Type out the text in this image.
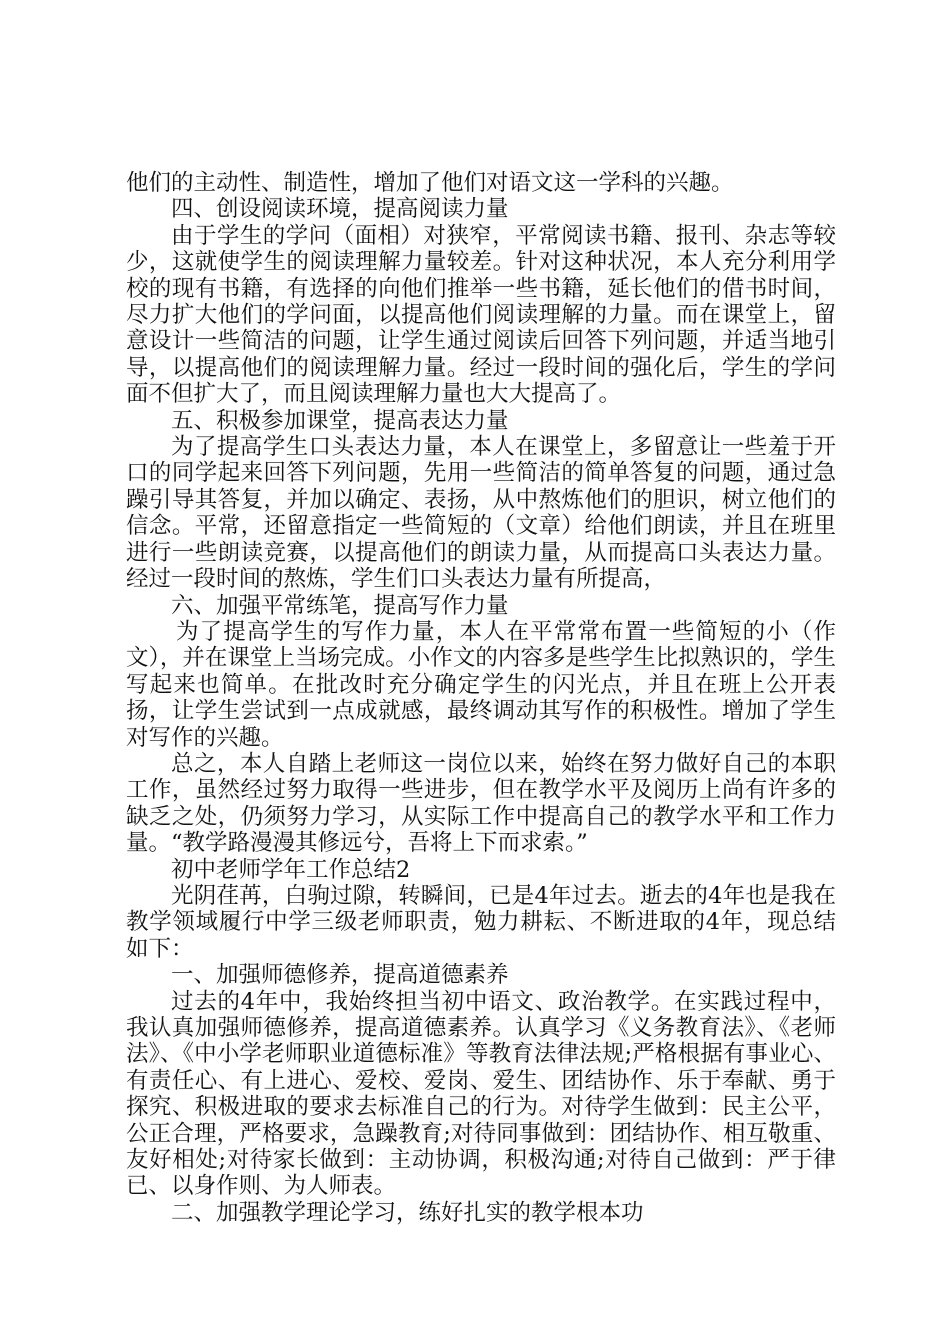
他们的主动性、制造性，增加了他们对语文这一学科的兴趣。

四、创设阅读环境，提高阅读力量

由于学生的学问（面相）对狭窄，平常阅读书籍、报刊、杂志等较少，这就使学生的阅读理解力量较差。针对这种状况，本人充分利用学校的现有书籍，有选择的向他们推举一些书籍，延长他们的借书时间，尽力扩大他们的学问面，以提高他们阅读理解的力量。而在课堂上，留意设计一些简洁的问题，让学生通过阅读后回答下列问题，并适当地引导，以提高他们的阅读理解力量。经过一段时间的强化后，学生的学问面不但扩大了，而且阅读理解力量也大大提高了。

五、积极参加课堂，提高表达力量

为了提高学生口头表达力量，本人在课堂上，多留意让一些羞于开口的同学起来回答下列问题，先用一些简洁的简单答复的问题，通过急躁引导其答复，并加以确定、表扬，从中熬炼他们的胆识，树立他们的信念。平常，还留意指定一些简短的（文章）给他们朗读，并且在班里进行一些朗读竞赛，以提高他们的朗读力量，从而提高口头表达力量。经过一段时间的熬炼，学生们口头表达力量有所提高，

六、加强平常练笔，提高写作力量

为了提高学生的写作力量，本人在平常常布置一些简短的小（作文），并在课堂上当场完成。小作文的内容多是些学生比拟熟识的，学生写起来也简单。在批改时充分确定学生的闪光点，并且在班上公开表扬，让学生尝试到一点成就感，最终调动其写作的积极性。增加了学生对写作的兴趣。

总之，本人自踏上老师这一岗位以来，始终在努力做好自己的本职工作，虽然经过努力取得一些进步，但在教学水平及阅历上尚有许多的缺乏之处，仍须努力学习，从实际工作中提高自己的教学水平和工作力量。“教学路漫漫其修远兮，吾将上下而求索。”

初中老师学年工作总结2

光阴荏苒，白驹过隙，转瞬间，已是4年过去。逝去的4年也是我在教学领域履行中学三级老师职责，勉力耕耘、不断进取的4年，现总结如下：

一、加强师德修养，提高道德素养

过去的4年中，我始终担当初中语文、政治教学。在实践过程中，我认真加强师德修养，提高道德素养。认真学习《义务教育法》、《老师法》、《中小学老师职业道德标准》等教育法律法规;严格根据有事业心、有责任心、有上进心、爱校、爱岗、爱生、团结协作、乐于奉献、勇于探究、积极进取的要求去标准自己的行为。对待学生做到：民主公平，公正合理，严格要求，急躁教育;对待同事做到：团结协作、相互敬重、友好相处;对待家长做到：主动协调，积极沟通;对待自己做到：严于律已、以身作则、为人师表。

二、加强教学理论学习，练好扎实的教学根本功
